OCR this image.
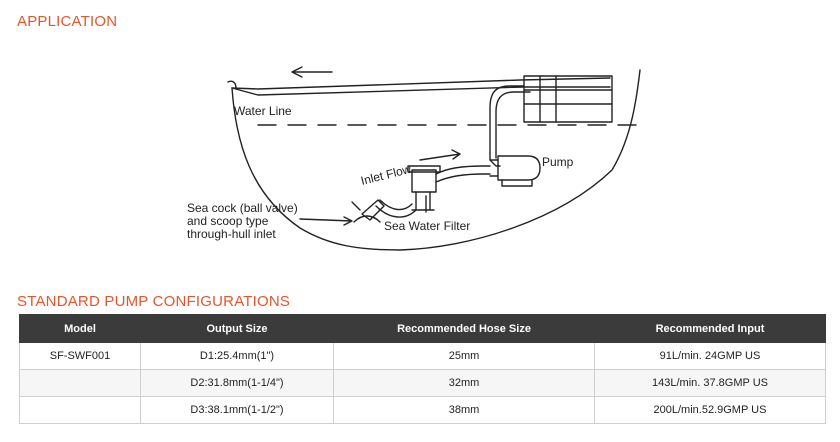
APPLICATION
Water Line
Pump
Inlet Flow
Sea Water Filter
Sea cock (ball valve)
and scoop type
through-hull inlet
STANDARD PUMP CONFIGURATIONS
Model	Output Size	Recommended Hose Size	Recommended Input
SF-SWF001	D1:25.4mm(1")	25mm	91L/min. 24GMP US
	D2:31.8mm(1-1/4")	32mm	143L/min. 37.8GMP US
	D3:38.1mm(1-1/2")	38mm	200L/min.52.9GMP US
